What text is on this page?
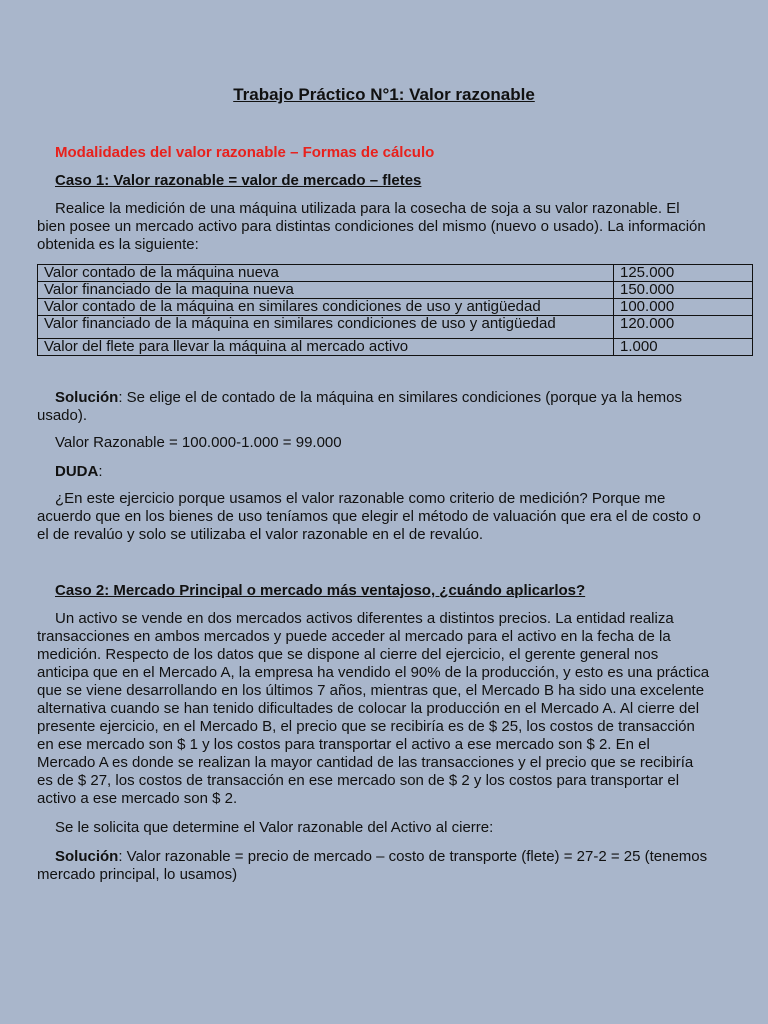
Trabajo Práctico N°1: Valor razonable
Modalidades del valor razonable – Formas de cálculo
Caso 1: Valor razonable = valor de mercado – fletes
Realice la medición de una máquina utilizada para la cosecha de soja a su valor razonable. El
bien posee un mercado activo para distintas condiciones del mismo (nuevo o usado). La información
obtenida es la siguiente:
Valor contado de la máquina nueva	125.000
Valor financiado de la maquina nueva	150.000
Valor contado de la máquina en similares condiciones de uso y antigüedad	100.000
Valor financiado de la máquina en similares condiciones de uso y antigüedad	120.000
Valor del flete para llevar la máquina al mercado activo	1.000
Solución: Se elige el de contado de la máquina en similares condiciones (porque ya la hemos
usado).
Valor Razonable = 100.000-1.000 = 99.000
DUDA:
¿En este ejercicio porque usamos el valor razonable como criterio de medición? Porque me
acuerdo que en los bienes de uso teníamos que elegir el método de valuación que era el de costo o
el de revalúo y solo se utilizaba el valor razonable en el de revalúo.
Caso 2: Mercado Principal o mercado más ventajoso, ¿cuándo aplicarlos?
Un activo se vende en dos mercados activos diferentes a distintos precios. La entidad realiza
transacciones en ambos mercados y puede acceder al mercado para el activo en la fecha de la
medición. Respecto de los datos que se dispone al cierre del ejercicio, el gerente general nos
anticipa que en el Mercado A, la empresa ha vendido el 90% de la producción, y esto es una práctica
que se viene desarrollando en los últimos 7 años, mientras que, el Mercado B ha sido una excelente
alternativa cuando se han tenido dificultades de colocar la producción en el Mercado A. Al cierre del
presente ejercicio, en el Mercado B, el precio que se recibiría es de $ 25, los costos de transacción
en ese mercado son $ 1 y los costos para transportar el activo a ese mercado son $ 2. En el
Mercado A es donde se realizan la mayor cantidad de las transacciones y el precio que se recibiría
es de $ 27, los costos de transacción en ese mercado son de $ 2 y los costos para transportar el
activo a ese mercado son $ 2.
Se le solicita que determine el Valor razonable del Activo al cierre:
Solución: Valor razonable = precio de mercado – costo de transporte (flete) = 27-2 = 25 (tenemos
mercado principal, lo usamos)
